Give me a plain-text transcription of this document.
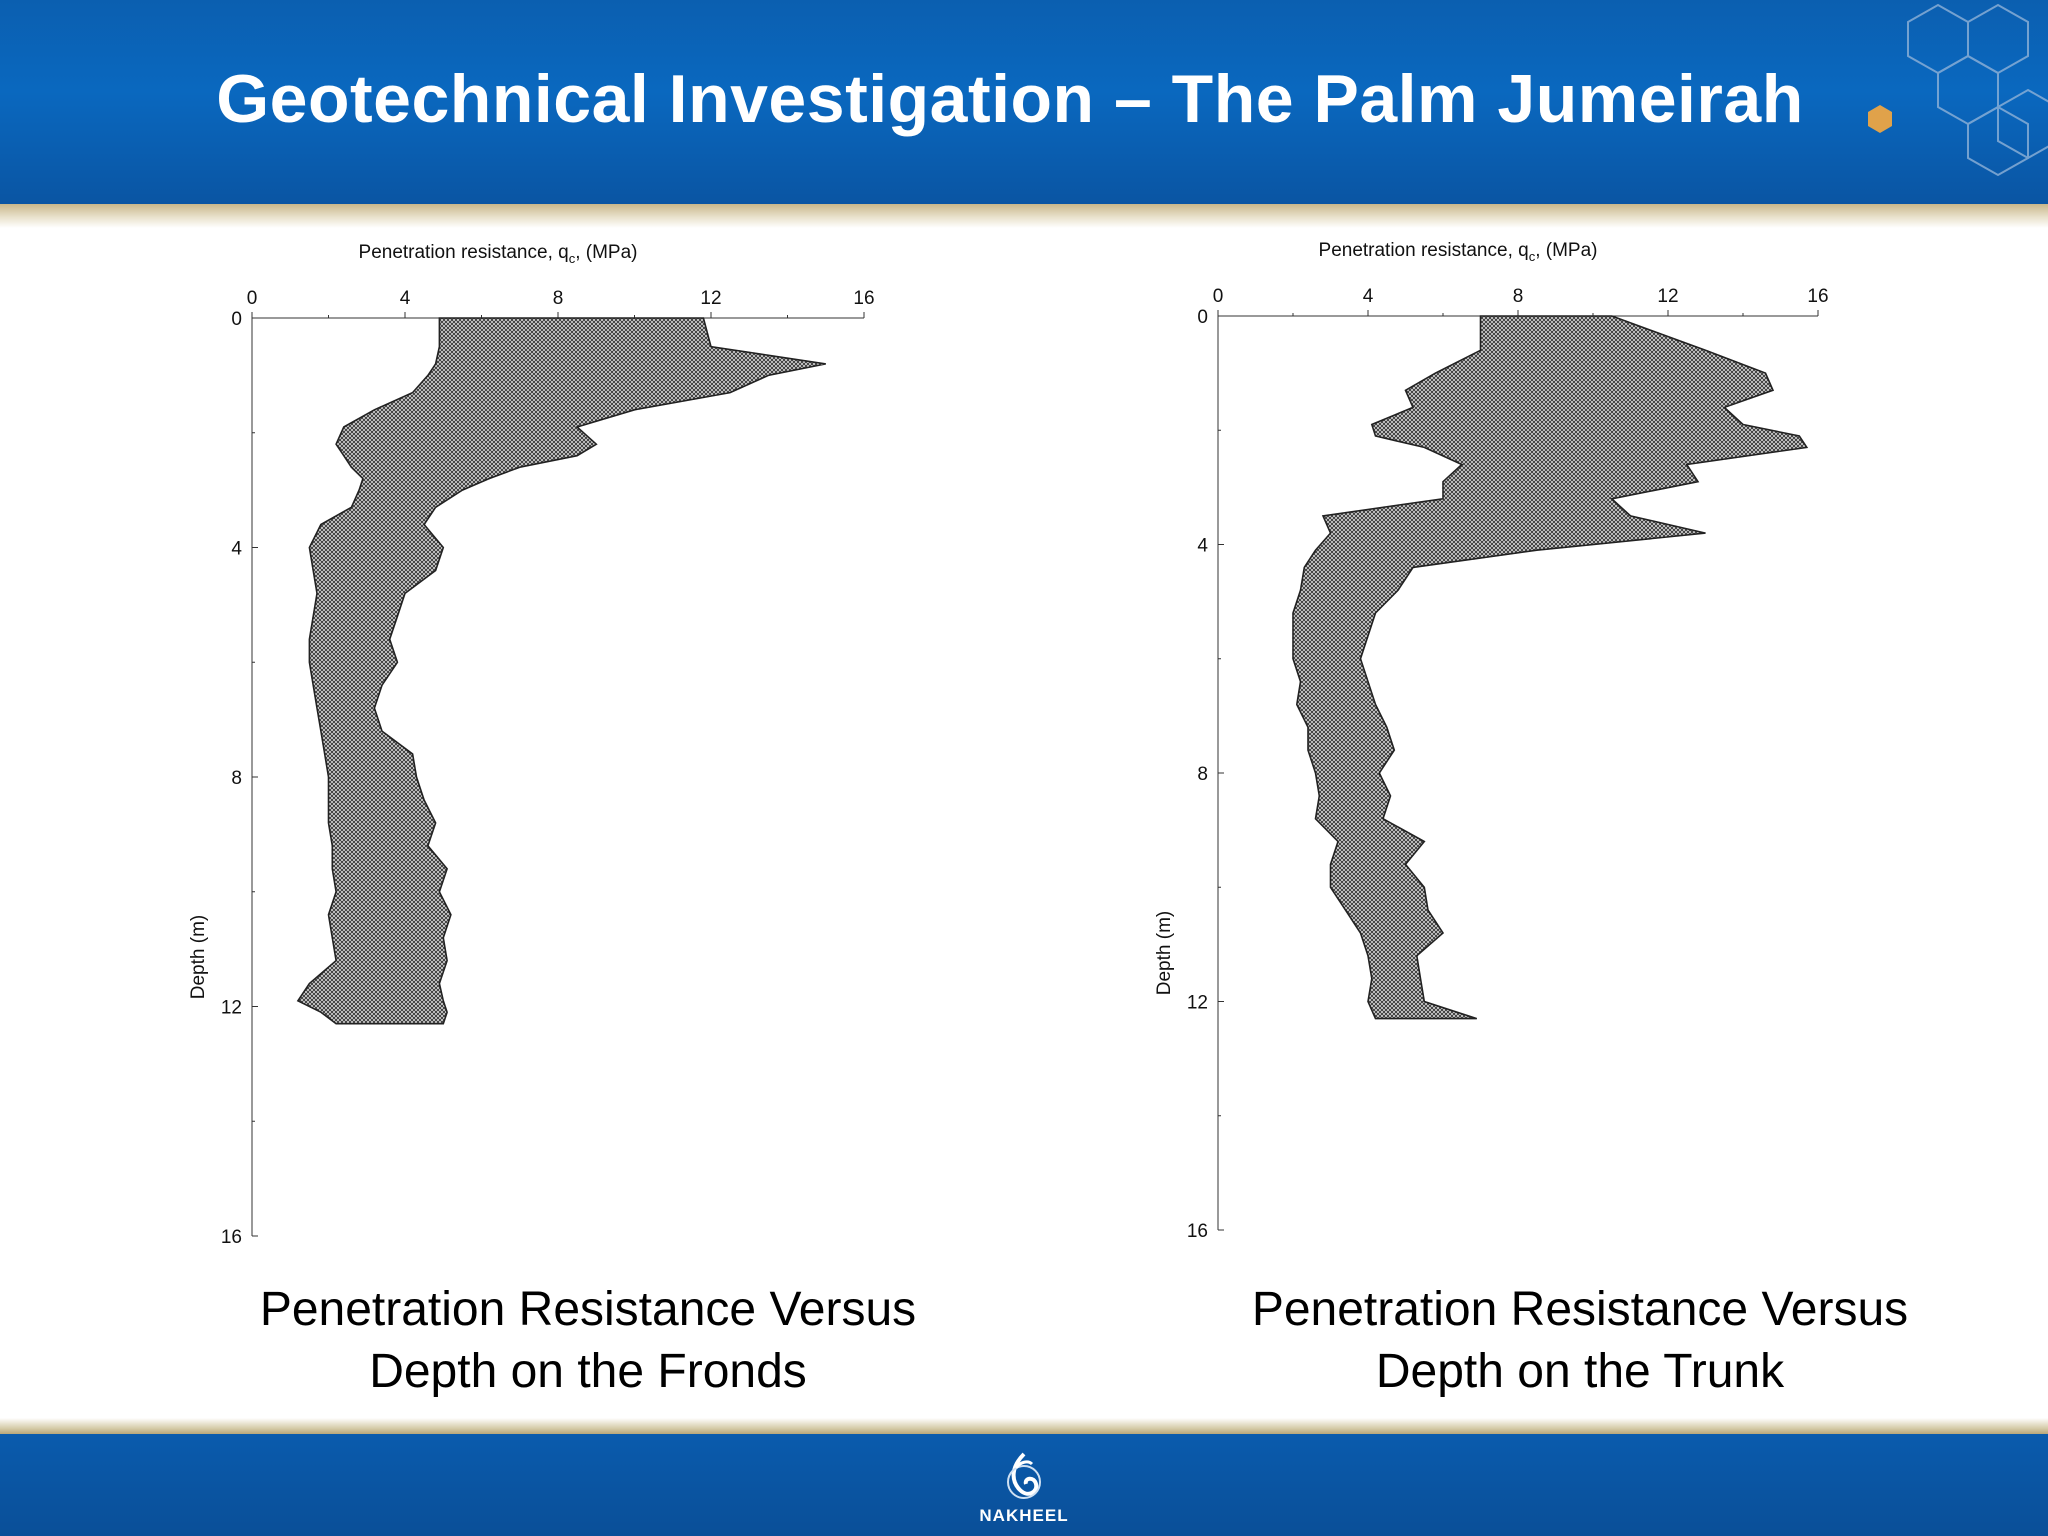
Geotechnical Investigation – The Palm Jumeirah
0	4	8	12	16
0
4
8
12
16
Penetration resistance, $q_c$, (MPa)
Depth (m)
0	4	8	12	16
0
4
8
12
16
Penetration resistance, $q_c$, (MPa)
Depth (m)
Penetration Resistance Versus
Depth on the Fronds
Penetration Resistance Versus
Depth on the Trunk
NAKHEEL
